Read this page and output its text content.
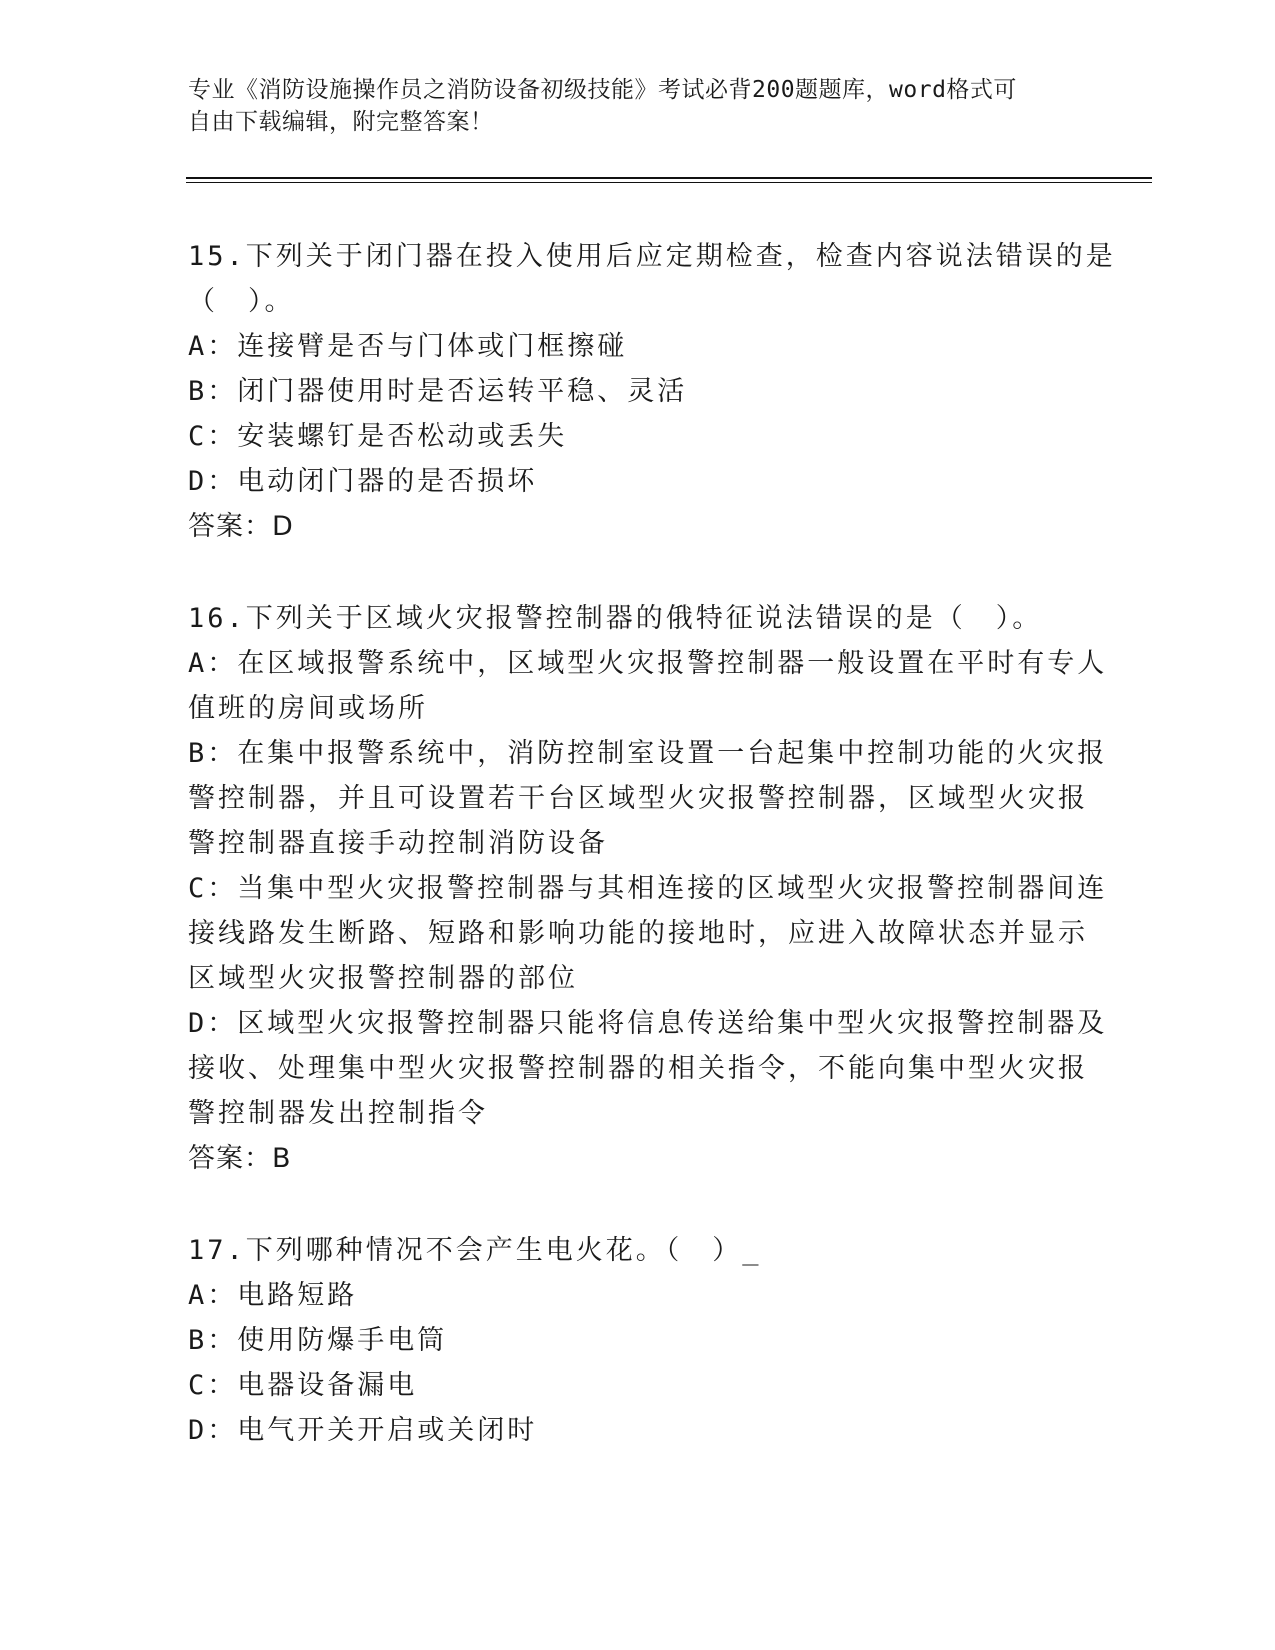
专业《消防设施操作员之消防设备初级技能》考试必背200题题库，word格式可
自由下载编辑，附完整答案！
15.下列关于闭门器在投入使用后应定期检查，检查内容说法错误的是
（　）。
A：连接臂是否与门体或门框擦碰
B：闭门器使用时是否运转平稳、灵活
C：安装螺钉是否松动或丢失
D：电动闭门器的是否损坏
答案：D
16.下列关于区域火灾报警控制器的俄特征说法错误的是（　）。
A：在区域报警系统中，区域型火灾报警控制器一般设置在平时有专人
值班的房间或场所
B：在集中报警系统中，消防控制室设置一台起集中控制功能的火灾报
警控制器，并且可设置若干台区域型火灾报警控制器，区域型火灾报
警控制器直接手动控制消防设备
C：当集中型火灾报警控制器与其相连接的区域型火灾报警控制器间连
接线路发生断路、短路和影响功能的接地时，应进入故障状态并显示
区域型火灾报警控制器的部位
D：区域型火灾报警控制器只能将信息传送给集中型火灾报警控制器及
接收、处理集中型火灾报警控制器的相关指令，不能向集中型火灾报
警控制器发出控制指令
答案：B
17.下列哪种情况不会产生电火花。（　）_
A：电路短路
B：使用防爆手电筒
C：电器设备漏电
D：电气开关开启或关闭时
